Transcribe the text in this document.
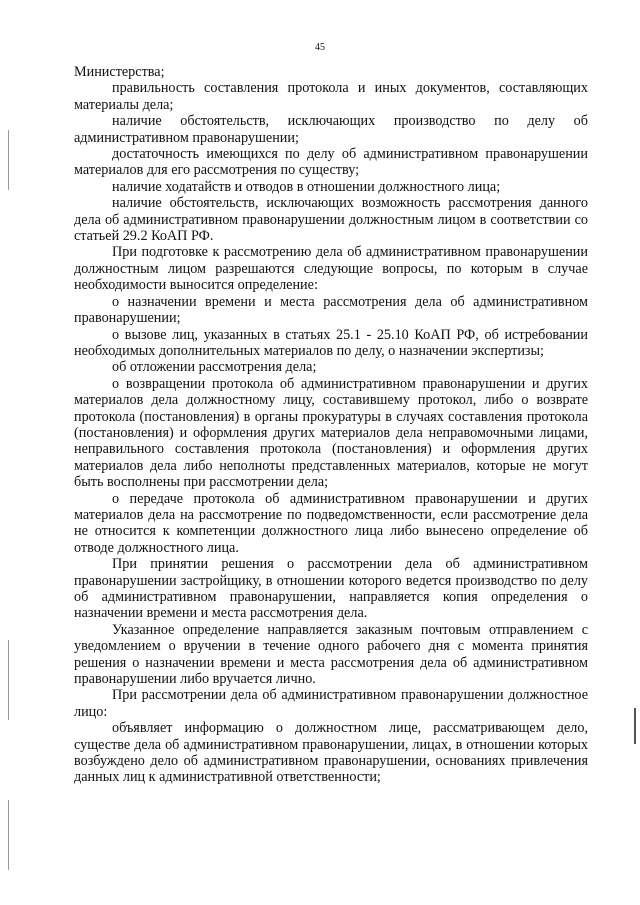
45

Министерства;

правильность составления протокола и иных документов, составляющих материалы дела;

наличие обстоятельств, исключающих производство по делу об административном правонарушении;

достаточность имеющихся по делу об административном правонарушении материалов для его рассмотрения по существу;

наличие ходатайств и отводов в отношении должностного лица;

наличие обстоятельств, исключающих возможность рассмотрения данного дела об административном правонарушении должностным лицом в соответствии со статьей 29.2 КоАП РФ.

При подготовке к рассмотрению дела об административном правонарушении должностным лицом разрешаются следующие вопросы, по которым в случае необходимости выносится определение:

о назначении времени и места рассмотрения дела об административном правонарушении;

о вызове лиц, указанных в статьях 25.1 - 25.10 КоАП РФ, об истребовании необходимых дополнительных материалов по делу, о назначении экспертизы;

об отложении рассмотрения дела;

о возвращении протокола об административном правонарушении и других материалов дела должностному лицу, составившему протокол, либо о возврате протокола (постановления) в органы прокуратуры в случаях составления протокола (постановления) и оформления других материалов дела неправомочными лицами, неправильного составления протокола (постановления) и оформления других материалов дела либо неполноты представленных материалов, которые не могут быть восполнены при рассмотрении дела;

о передаче протокола об административном правонарушении и других материалов дела на рассмотрение по подведомственности, если рассмотрение дела не относится к компетенции должностного лица либо вынесено определение об отводе должностного лица.

При принятии решения о рассмотрении дела об административном правонарушении застройщику, в отношении которого ведется производство по делу об административном правонарушении, направляется копия определения о назначении времени и места рассмотрения дела.

Указанное определение направляется заказным почтовым отправлением с уведомлением о вручении в течение одного рабочего дня с момента принятия решения о назначении времени и места рассмотрения дела об административном правонарушении либо вручается лично.

При рассмотрении дела об административном правонарушении должностное лицо:

объявляет информацию о должностном лице, рассматривающем дело, существе дела об административном правонарушении, лицах, в отношении которых возбуждено дело об административном правонарушении, основаниях привлечения данных лиц к административной ответственности;
